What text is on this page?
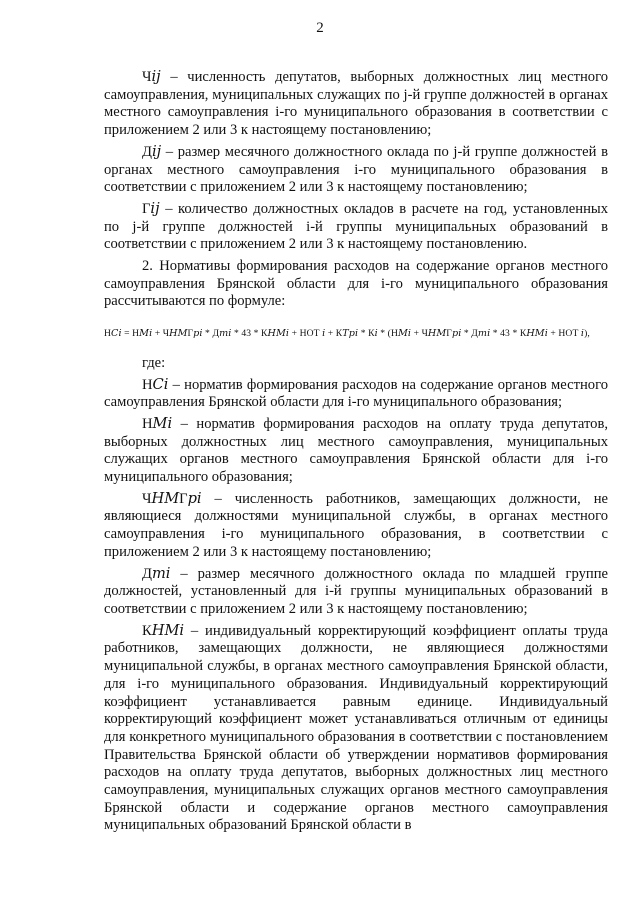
2

Ч𝑖𝑗 – численность депутатов, выборных должностных лиц местного самоуправления, муниципальных служащих по j-й группе должностей в органах местного самоуправления i-го муниципального образования в соответствии с приложением 2 или 3 к настоящему постановлению;

Д𝑖𝑗 – размер месячного должностного оклада по j-й группе должностей в органах местного самоуправления i-го муниципального образования в соответствии с приложением 2 или 3 к настоящему постановлению;

Г𝑖𝑗 – количество должностных окладов в расчете на год, установленных по j-й группе должностей i-й группы муниципальных образований в соответствии с приложением 2 или 3 к настоящему постановлению.

2. Нормативы формирования расходов на содержание органов местного самоуправления Брянской области для i-го муниципального образования рассчитываются по формуле:

Н𝐶𝑖 = Н𝑀𝑖 + Ч𝐻𝑀Г𝑝𝑖 * Д𝑚𝑖 * 43 * К𝐻𝑀𝑖 + НОТ 𝑖 + К𝑇𝑝𝑖 * К𝑖 * (Н𝑀𝑖 + Ч𝐻𝑀Г𝑝𝑖 * Д𝑚𝑖 * 43 * К𝐻𝑀𝑖 + НОТ 𝑖),

где:

Н𝐶𝑖 – норматив формирования расходов на содержание органов местного самоуправления Брянской области для i-го муниципального образования;

Н𝑀𝑖 – норматив формирования расходов на оплату труда депутатов, выборных должностных лиц местного самоуправления, муниципальных служащих органов местного самоуправления Брянской области для i-го муниципального образования;

Ч𝐻𝑀Г𝑝𝑖 – численность работников, замещающих должности, не являющиеся должностями муниципальной службы, в органах местного самоуправления i-го муниципального образования, в соответствии с приложением 2 или 3 к настоящему постановлению;

Д𝑚𝑖 – размер месячного должностного оклада по младшей группе должностей, установленный для i-й группы муниципальных образований в соответствии с приложением 2 или 3 к настоящему постановлению;

К𝐻𝑀𝑖 – индивидуальный корректирующий коэффициент оплаты труда работников, замещающих должности, не являющиеся должностями муниципальной службы, в органах местного самоуправления Брянской области, для i-го муниципального образования. Индивидуальный корректирующий коэффициент устанавливается равным единице. Индивидуальный корректирующий коэффициент может устанавливаться отличным от единицы для конкретного муниципального образования в соответствии с постановлением Правительства Брянской области об утверждении нормативов формирования расходов на оплату труда депутатов, выборных должностных лиц местного самоуправления, муниципальных служащих органов местного самоуправления Брянской области и содержание органов местного самоуправления муниципальных образований Брянской области в
